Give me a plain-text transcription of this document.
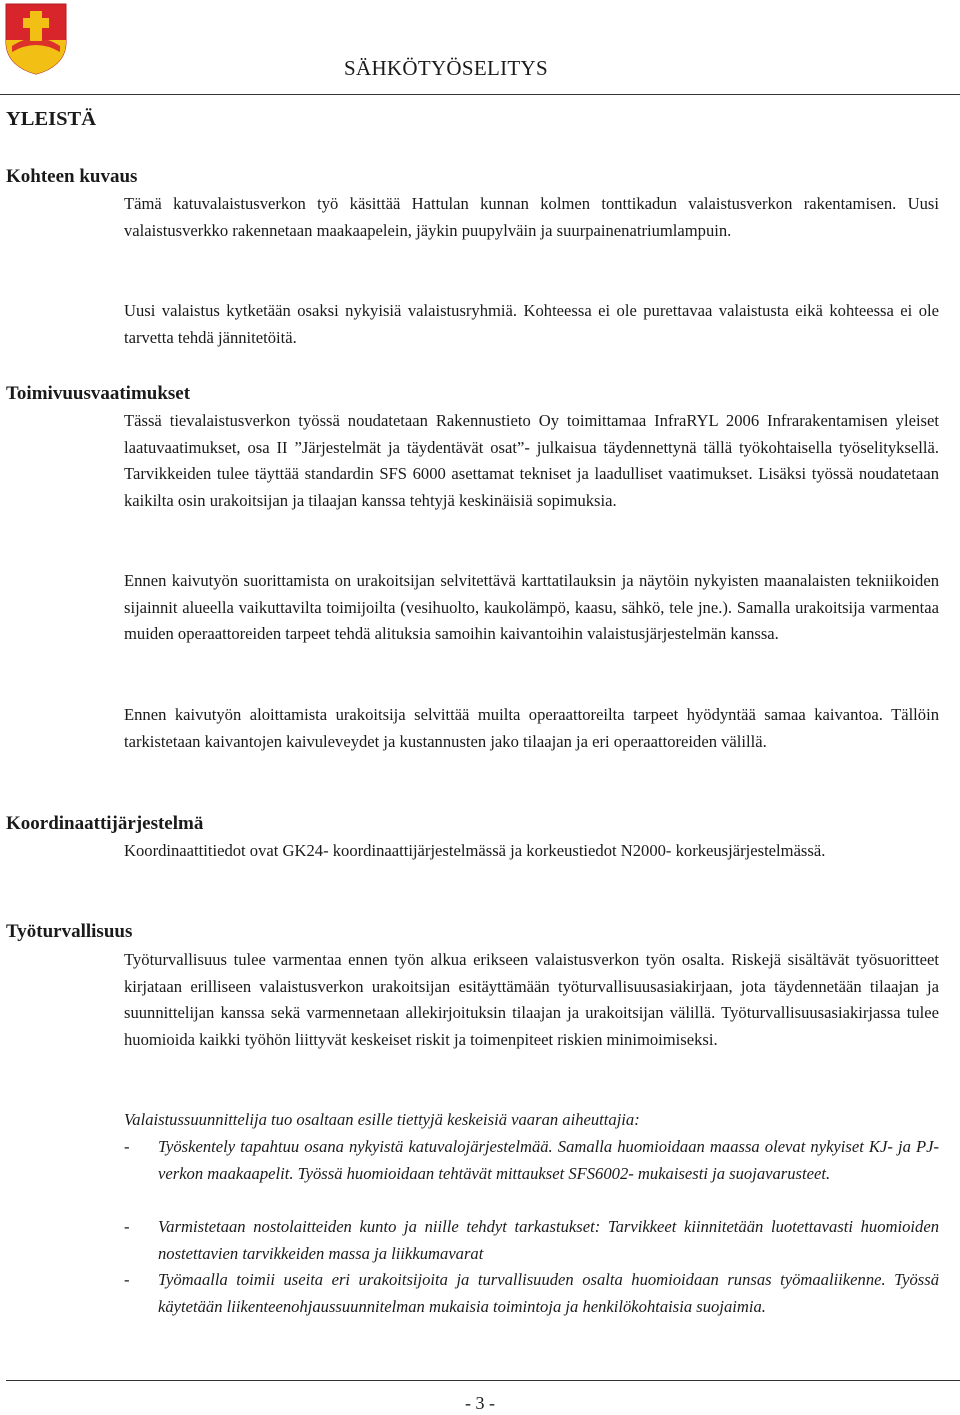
SÄHKÖTYÖSELITYS
YLEISTÄ
Kohteen kuvaus

Tämä katuvalaistusverkon työ käsittää Hattulan kunnan kolmen tonttikadun valaistusverkon rakentamisen. Uusi valaistusverkko rakennetaan maakaapelein, jäykin puupylväin ja suurpainenatriumlampuin.

Uusi valaistus kytketään osaksi nykyisiä valaistusryhmiä. Kohteessa ei ole purettavaa valaistusta eikä kohteessa ei ole tarvetta tehdä jännitetöitä.

Toimivuusvaatimukset

Tässä tievalaistusverkon työssä noudatetaan Rakennustieto Oy toimittamaa InfraRYL 2006 Infrarakentamisen yleiset laatuvaatimukset, osa II ”Järjestelmät ja täydentävät osat”- julkaisua täydennettynä tällä työkohtaisella työselityksellä. Tarvikkeiden tulee täyttää standardin SFS 6000 asettamat tekniset ja laadulliset vaatimukset. Lisäksi työssä noudatetaan kaikilta osin urakoitsijan ja tilaajan kanssa tehtyjä keskinäisiä sopimuksia.

Ennen kaivutyön suorittamista on urakoitsijan selvitettävä karttatilauksin ja näytöin nykyisten maanalaisten tekniikoiden sijainnit alueella vaikuttavilta toimijoilta (vesihuolto, kaukolämpö, kaasu, sähkö, tele jne.). Samalla urakoitsija varmentaa muiden operaattoreiden tarpeet tehdä alituksia samoihin kaivantoihin valaistusjärjestelmän kanssa.

Ennen kaivutyön aloittamista urakoitsija selvittää muilta operaattoreilta tarpeet hyödyntää samaa kaivantoa. Tällöin tarkistetaan kaivantojen kaivuleveydet ja kustannusten jako tilaajan ja eri operaattoreiden välillä.

Koordinaattijärjestelmä

Koordinaattitiedot ovat GK24- koordinaattijärjestelmässä ja korkeustiedot N2000- korkeusjärjestelmässä.

Työturvallisuus

Työturvallisuus tulee varmentaa ennen työn alkua erikseen valaistusverkon työn osalta. Riskejä sisältävät työsuoritteet kirjataan erilliseen valaistusverkon urakoitsijan esitäyttämään työturvallisuusasiakirjaan, jota täydennetään tilaajan ja suunnittelijan kanssa sekä varmennetaan allekirjoituksin tilaajan ja urakoitsijan välillä. Työturvallisuusasiakirjassa tulee huomioida kaikki työhön liittyvät keskeiset riskit ja toimenpiteet riskien minimoimiseksi.

Valaistussuunnittelija tuo osaltaan esille tiettyjä keskeisiä vaaran aiheuttajia:

- Työskentely tapahtuu osana nykyistä katuvalojärjestelmää. Samalla huomioidaan maassa olevat nykyiset KJ- ja PJ- verkon maakaapelit. Työssä huomioidaan tehtävät mittaukset SFS6002- mukaisesti ja suojavarusteet.
- Varmistetaan nostolaitteiden kunto ja niille tehdyt tarkastukset: Tarvikkeet kiinnitetään luotettavasti huomioiden nostettavien tarvikkeiden massa ja liikkumavarat
- Työmaalla toimii useita eri urakoitsijoita ja turvallisuuden osalta huomioidaan runsas työmaaliikenne. Työssä käytetään liikenteenohjaussuunnitelman mukaisia toimintoja ja henkilökohtaisia suojaimia.
- 3 -
